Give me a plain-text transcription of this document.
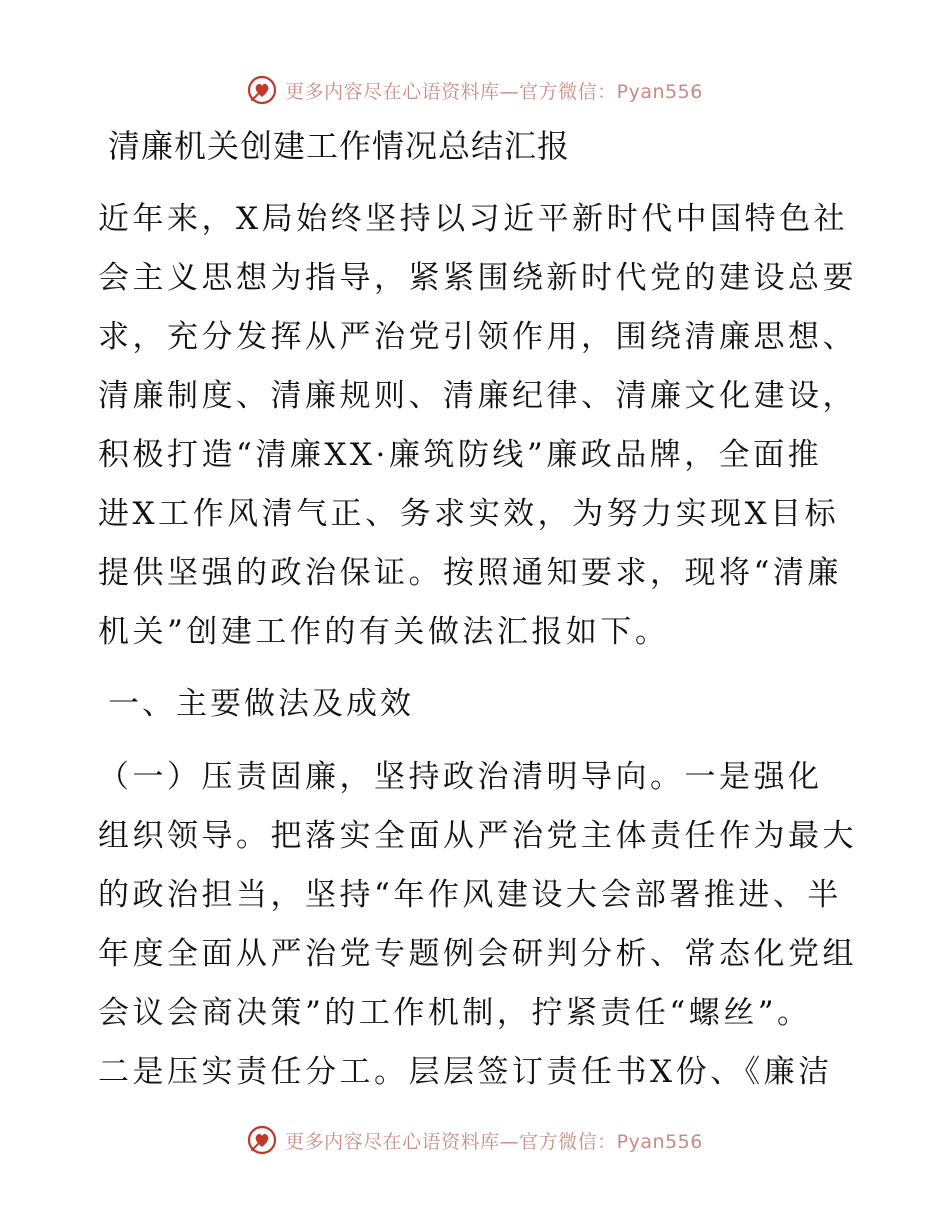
更多内容尽在心语资料库—官方微信：Pyan556
清廉机关创建工作情况总结汇报
近年来，X局始终坚持以习近平新时代中国特色社
会主义思想为指导，紧紧围绕新时代党的建设总要
求，充分发挥从严治党引领作用，围绕清廉思想、
清廉制度、清廉规则、清廉纪律、清廉文化建设，
积极打造“清廉XX·廉筑防线”廉政品牌，全面推
进X工作风清气正、务求实效，为努力实现X目标
提供坚强的政治保证。按照通知要求，现将“清廉
机关”创建工作的有关做法汇报如下。
一、主要做法及成效
（一）压责固廉，坚持政治清明导向。一是强化
组织领导。把落实全面从严治党主体责任作为最大
的政治担当，坚持“年作风建设大会部署推进、半
年度全面从严治党专题例会研判分析、常态化党组
会议会商决策”的工作机制，拧紧责任“螺丝”。
二是压实责任分工。层层签订责任书X份、《廉洁
更多内容尽在心语资料库—官方微信：Pyan556
